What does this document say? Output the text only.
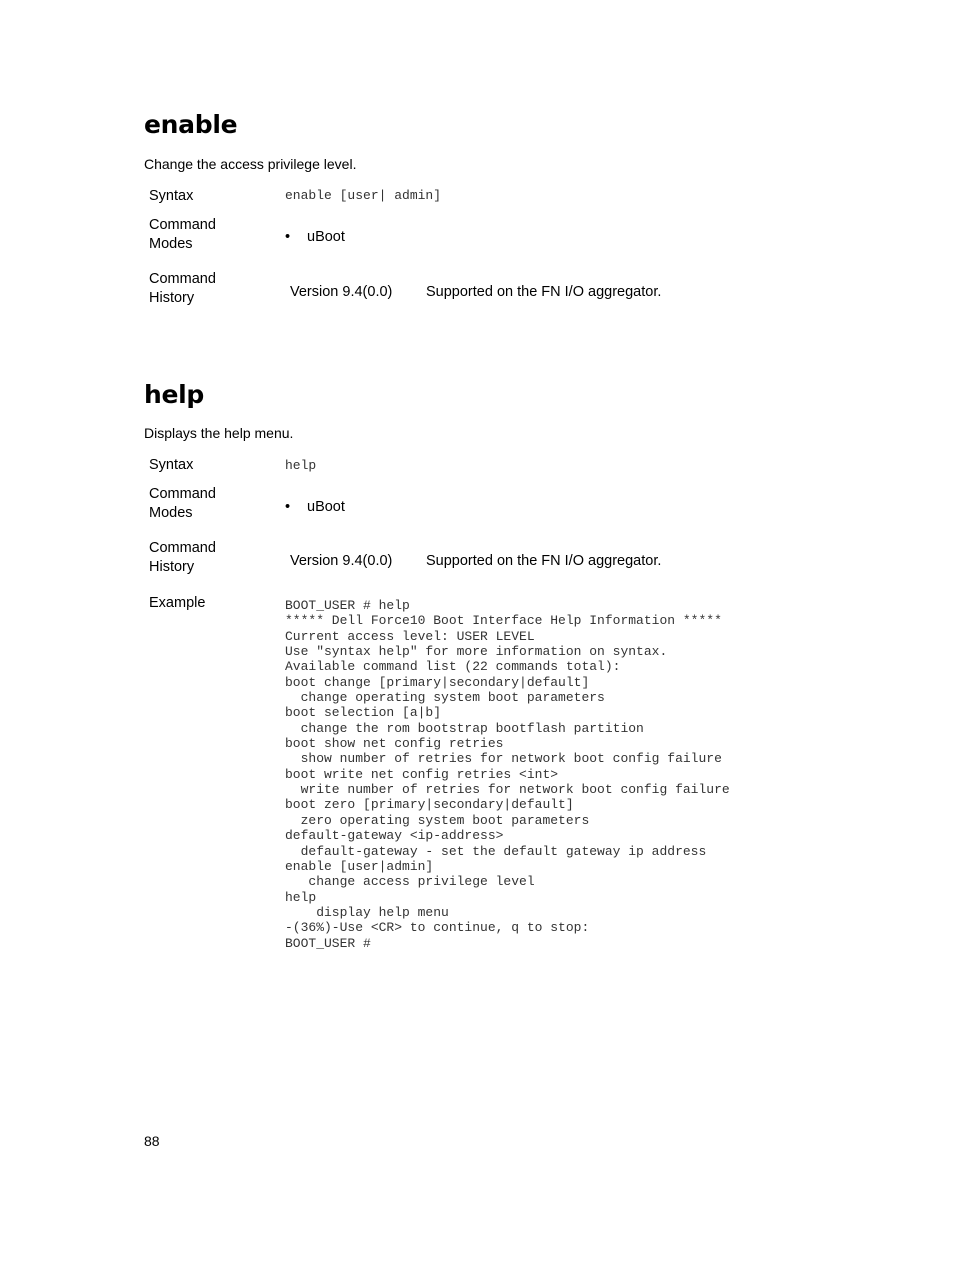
enable
Change the access privilege level.
Syntax	enable [user| admin]
Command
Modes	• uBoot
Command
History	Version 9.4(0.0) Supported on the FN I/O aggregator.
help
Displays the help menu.
Syntax	help
Command
Modes	• uBoot
Command
History	Version 9.4(0.0) Supported on the FN I/O aggregator.
Example	BOOT_USER # help
***** Dell Force10 Boot Interface Help Information *****
Current access level: USER LEVEL
Use "syntax help" for more information on syntax.
Available command list (22 commands total):
boot change [primary|secondary|default]
change operating system boot parameters
boot selection [a|b]
change the rom bootstrap bootflash partition
boot show net config retries
show number of retries for network boot config failure
boot write net config retries <int>
write number of retries for network boot config failure
boot zero [primary|secondary|default]
zero operating system boot parameters
default-gateway <ip-address>
default-gateway - set the default gateway ip address
enable [user|admin]
change access privilege level
help
display help menu
-(36%)-Use <CR> to continue, q to stop:
BOOT_USER #
88
